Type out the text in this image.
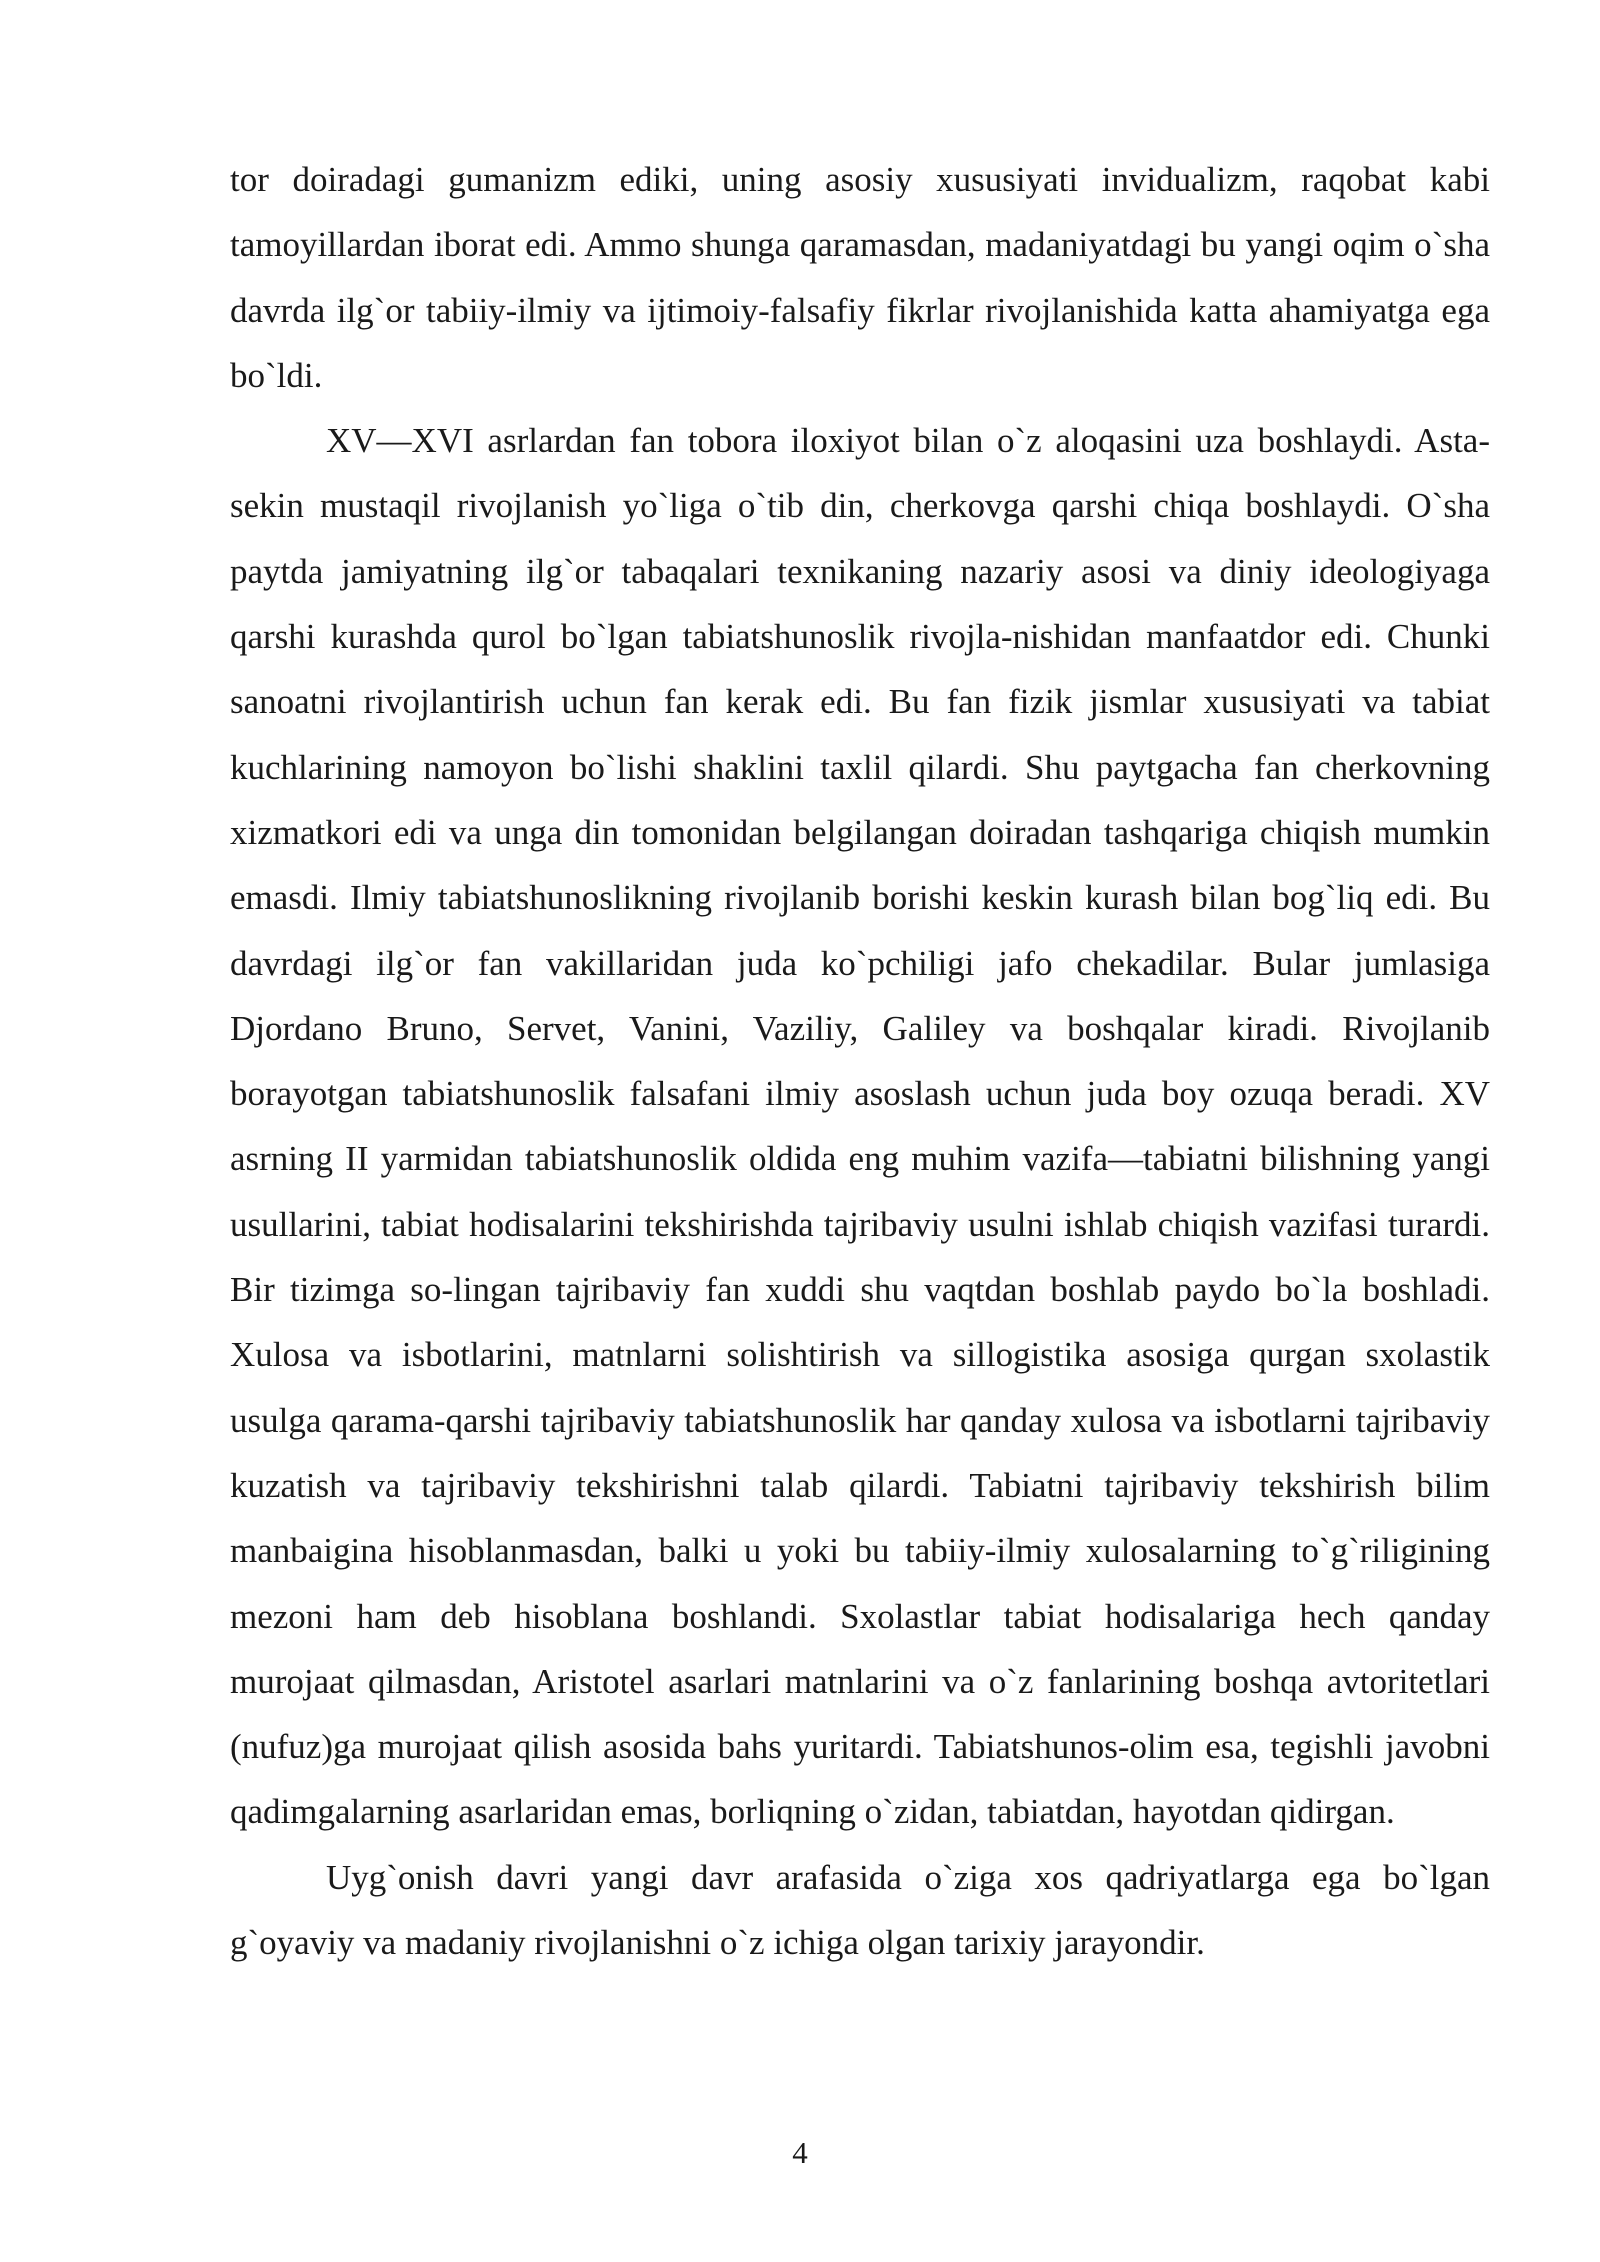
tor doiradagi gumanizm ediki, uning asosiy xususiyati invidualizm, raqobat kabi tamoyillardan iborat edi. Ammo shunga qaramasdan, madaniyatdagi bu yangi oqim o`sha davrda ilg`or tabiiy-ilmiy va ijtimoiy-falsafiy fikrlar rivojlanishida katta ahamiyatga ega bo`ldi.

XV—XVI asrlardan fan tobora iloxiyot bilan o`z aloqasini uza boshlaydi. Asta-sekin mustaqil rivojlanish yo`liga o`tib din, cherkovga qarshi chiqa boshlaydi. O`sha paytda jamiyatning ilg`or tabaqalari texnikaning nazariy asosi va diniy ideologiyaga qarshi kurashda qurol bo`lgan tabiatshunoslik rivojla-nishidan manfaatdor edi. Chunki sanoatni rivojlantirish uchun fan kerak edi. Bu fan fizik jismlar xususiyati va tabiat kuchlarining namoyon bo`lishi shaklini taxlil qilardi. Shu paytgacha fan cherkovning xizmatkori edi va unga din tomonidan belgilangan doiradan tashqariga chiqish mumkin emasdi. Ilmiy tabiatshunoslikning rivojlanib borishi keskin kurash bilan bog`liq edi. Bu davrdagi ilg`or fan vakillaridan juda ko`pchiligi jafo chekadilar. Bular jumlasiga Djordano Bruno, Servet, Vanini, Vaziliy, Galiley va boshqalar kiradi. Rivojlanib borayotgan tabiatshunoslik falsafani ilmiy asoslash uchun juda boy ozuqa beradi. XV asrning II yarmidan tabiatshunoslik oldida eng muhim vazifa—tabiatni bilishning yangi usullarini, tabiat hodisalarini tekshirishda tajribaviy usulni ishlab chiqish vazifasi turardi. Bir tizimga so-lingan tajribaviy fan xuddi shu vaqtdan boshlab paydo bo`la boshladi. Xulosa va isbotlarini, matnlarni solishtirish va sillogistika asosiga qurgan sxolastik usulga qarama-qarshi tajribaviy tabiatshunoslik har qanday xulosa va isbotlarni tajribaviy kuzatish va tajribaviy tekshirishni talab qilardi. Tabiatni tajribaviy tekshirish bilim manbaigina hisoblanmasdan, balki u yoki bu tabiiy-ilmiy xulosalarning to`g`riligining mezoni ham deb hisoblana boshlandi. Sxolastlar tabiat hodisalariga hech qanday murojaat qilmasdan, Aristotel asarlari matnlarini va o`z fanlarining boshqa avtoritetlari (nufuz)ga murojaat qilish asosida bahs yuritardi. Tabiatshunos-olim esa, tegishli javobni qadimgalarning asarlaridan emas, borliqning o`zidan, tabiatdan, hayotdan qidirgan.

Uyg`onish davri yangi davr arafasida o`ziga xos qadriyatlarga ega bo`lgan g`oyaviy va madaniy rivojlanishni o`z ichiga olgan tarixiy jarayondir.

4
